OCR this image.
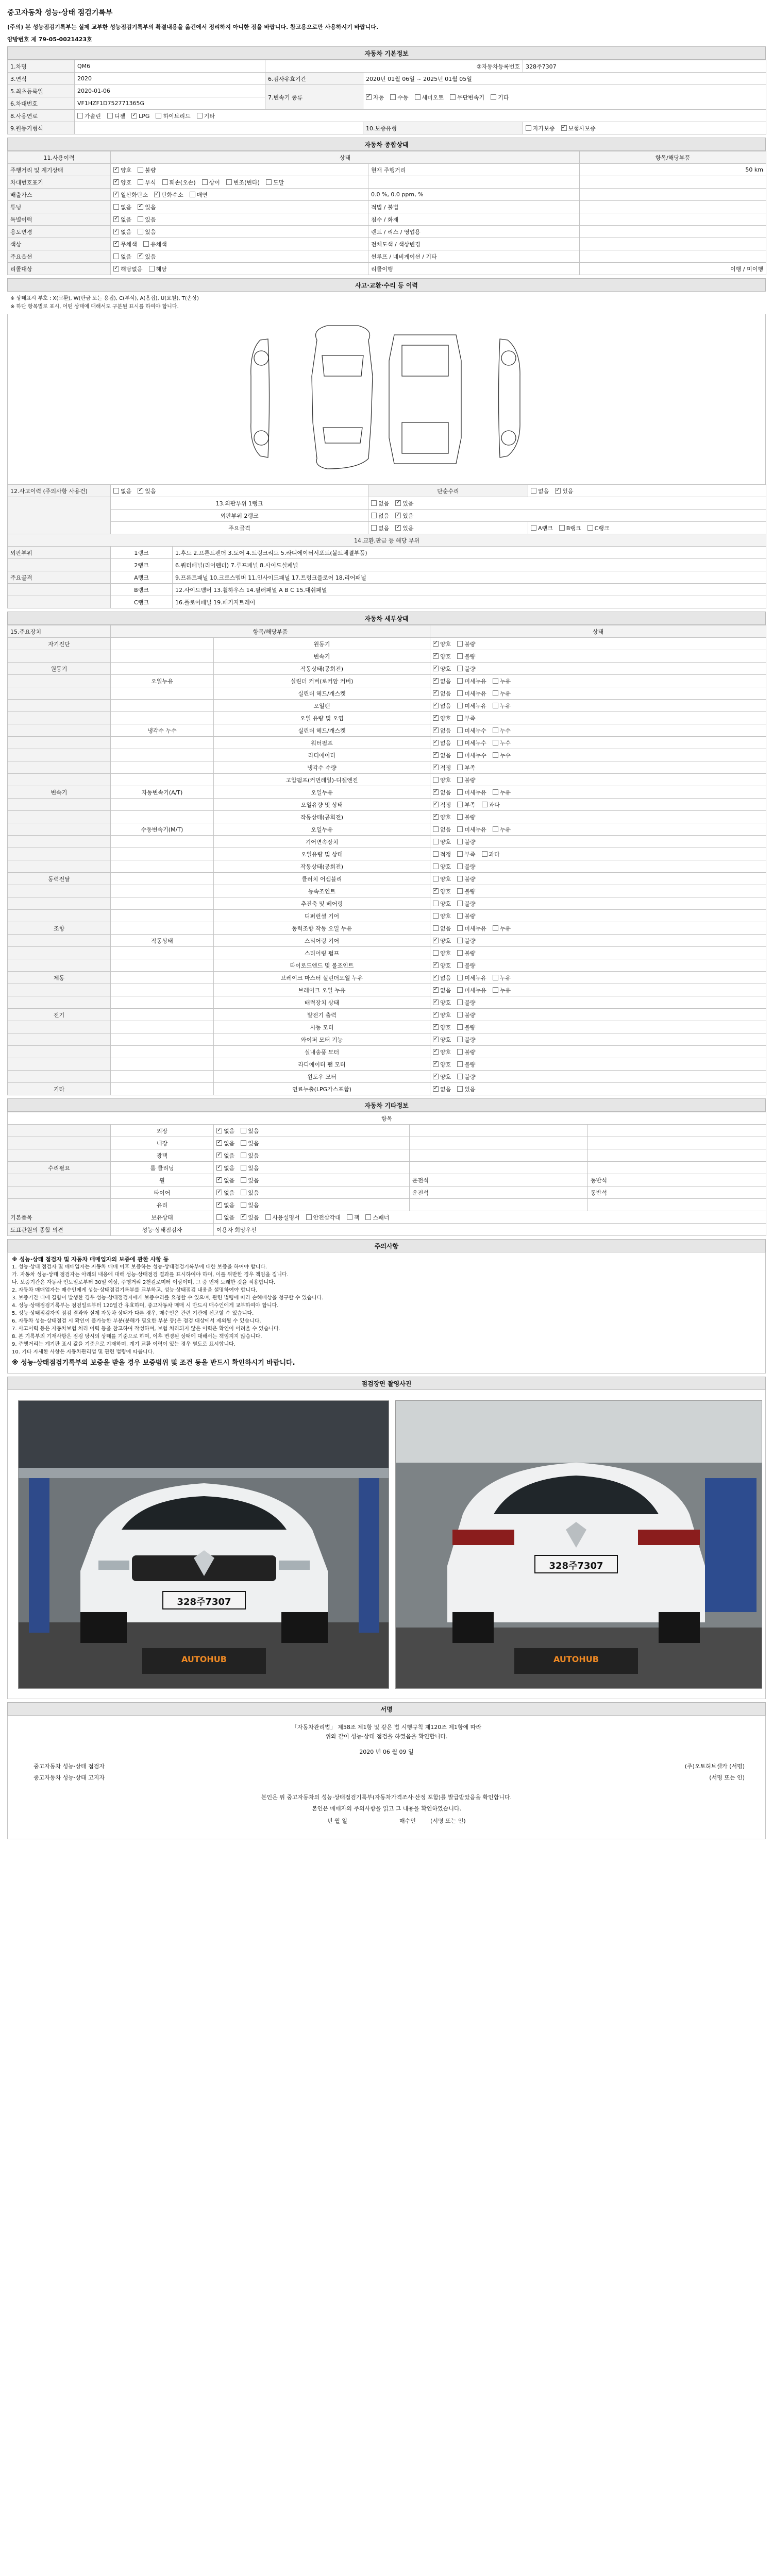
중고자동차 성능·상태 점검기록부
(주의) 본 성능점검기록부는 실제 교부한 성능점검기록부의 확결내용을 옮긴에서 정리하지 아니한 점을 바랍니다. 참고용으로만 사용하시기 바랍니다.
양방번호 제 79-05-0021423호
자동차 기본정보
1.차명	QM6	②자동차등록번호		328주7307
3.연식	2020	6.검사유효기간	2020년 01월 06일 ~ 2025년 01월 05일	
5.최초등록일	2020-01-06	7.변속기 종류	✓자동 수동 세미오토 무단변속기 기타
6.차대번호	VF1HZF1D752771365G			
8.사용연료	가솔린 디젤 ✓ LPG 하이브리드 기타
9.원동기형식			10.보증유형	자가보증 ✓ 보험사보증
자동차 종합상태
11.사용이력	상태		항목/해당부품
주행거리 및 계기상태	✓양호 불량	현재 주행거리	50 km
차대번호표기	✓양호 부식 훼손(오손) 상이 변조(변타) 도말		
배출가스	✓일산화탄소 ✓ 탄화수소 매연	0.0 %, 0.0 ppm, %	
튜닝	없음 ✓ 있음	적법 / 불법	
특별이력	✓없음 있음	침수 / 화재	
용도변경	✓없음 있음	렌트 / 리스 / 영업용	
색상	✓무채색 유채색	전체도색 / 색상변경	
주요옵션	없음 ✓ 있음	썬루프 / 네비게이션 / 기타	
리콜대상	✓해당없음 해당	리콜이행	이행 / 미이행
사고·교환·수리 등 이력
※ 상태표시 부호 : X(교환), W(판금 또는 용접), C(부식), A(흠집), U(요철), T(손상)
※ 하단 항목별로 표시, 어떤 상태에 대해서도 구분된 표시를 하여야 합니다.
12.사고이력 (주의사항 사용건)	없음 ✓ 있음		단순수리	없음 ✓ 있음
	13.외판부위 1랭크		없음 ✓ 있음
	외판부위 2랭크		없음 ✓ 있음
	주요골격		없음 ✓ 있음	A랭크 B랭크 C랭크
14.교환,판금 등 해당 부위				
외판부위	1랭크	1.후드 2.프론트펜더 3.도어 4.트렁크리드 5.라디에이터서포트(볼트체결부품)		
	2랭크	6.쿼터패널(리어펜더) 7.루프패널 8.사이드실패널		
주요골격	A랭크	9.프론트패널 10.크로스멤버 11.인사이드패널 17.트렁크플로어 18.리어패널		
	B랭크	12.사이드멤버 13.휠하우스 14.필러패널 A B C 15.대쉬패널		
	C랭크	16.플로어패널 19.패키지트레이		
자동차 세부상태
15.주요장치	항목/해당부품		상태
자기진단		원동기	✓양호 불량
		변속기	✓양호 불량
원동기		작동상태(공회전)	✓양호 불량
	오일누유	실린더 커버(로커암 커버)	✓없음 미세누유 누유
		실린더 헤드/개스켓	✓없음 미세누유 누유
		오일팬	✓없음 미세누유 누유
		오일 유량 및 오염	✓양호 부족
	냉각수 누수	실린더 헤드/개스켓	✓없음 미세누수 누수
		워터펌프	✓없음 미세누수 누수
		라디에이터	✓없음 미세누수 누수
		냉각수 수량	✓적정 부족
		고압펌프(커먼레일)-디젤엔진	양호 불량
변속기	자동변속기(A/T)	오일누유	✓없음 미세누유 누유
		오일유량 및 상태	✓적정 부족 과다
		작동상태(공회전)	✓양호 불량
	수동변속기(M/T)	오일누유	없음 미세누유 누유
		기어변속장치	양호 불량
		오일유량 및 상태	적정 부족 과다
		작동상태(공회전)	양호 불량
동력전달		클러치 어셈블리	양호 불량
		등속조인트	✓양호 불량
		추진축 및 베어링	양호 불량
		디퍼런셜 기어	양호 불량
조향		동력조향 작동 오일 누유	없음 미세누유 누유
	작동상태	스티어링 기어	✓양호 불량
		스티어링 펌프	양호 불량
		타이로드엔드 및 볼조인트	✓양호 불량
제동		브레이크 마스터 실린더오일 누유	✓없음 미세누유 누유
		브레이크 오일 누유	✓없음 미세누유 누유
		배력장치 상태	✓양호 불량
전기		발전기 출력	✓양호 불량
		시동 모터	✓양호 불량
		와이퍼 모터 기능	✓양호 불량
		실내송풍 모터	✓양호 불량
		라디에이터 팬 모터	✓양호 불량
		윈도우 모터	✓양호 불량
기타		연료누출(LPG가스포함)	✓없음 있음
자동차 기타정보
항목				
	외장	✓없음 있음		
	내장	✓없음 있음		
	광택	✓없음 있음		
수리필요	룸 클리닝	✓없음 있음		
	휠	✓없음 있음	운전석	동반석
	타이어	✓없음 있음	운전석	동반석
	유리	✓없음 있음		
기본품목	보유상태	없음 ✓ 있음 사용설명서 안전삼각대 잭 스패너
도표관원의 종합 의견	성능·상태점검자	이용자 희망우선		
주의사항
※ 성능·상태 점검자 및 자동차 매매업자의 보증에 관한 사항 등
1. 성능·상태 점검자 및 매매업자는 자동차 매매 이후 보증하는 성능·상태점검기록부에 대한 보증을 하여야 합니다.
가. 자동차 성능·상태 점검자는 아래의 내용에 대해 성능·상태점검 결과를 표시하여야 하며, 이를 위반한 경우 책임을 집니다.
나. 보증기간은 자동차 인도일로부터 30일 이상, 주행거리 2천킬로미터 이상이며, 그 중 먼저 도래한 것을 적용합니다.
2. 자동차 매매업자는 매수인에게 성능·상태점검기록부를 교부하고, 성능·상태점검 내용을 설명하여야 합니다.
3. 보증기간 내에 결함이 발생한 경우 성능·상태점검자에게 보증수리를 요청할 수 있으며, 관련 법령에 따라 손해배상을 청구할 수 있습니다.
4. 성능·상태점검기록부는 점검일로부터 120일간 유효하며, 중고자동차 매매 시 반드시 매수인에게 교부하여야 합니다.
5. 성능·상태점검자의 점검 결과와 실제 자동차 상태가 다른 경우, 매수인은 관련 기관에 신고할 수 있습니다.
6. 자동차 성능·상태점검 시 확인이 불가능한 부분(분해가 필요한 부분 등)은 점검 대상에서 제외될 수 있습니다.
7. 사고이력 등은 자동차보험 처리 이력 등을 참고하여 작성하며, 보험 처리되지 않은 이력은 확인이 어려울 수 있습니다.
8. 본 기록부의 기재사항은 점검 당시의 상태를 기준으로 하며, 이후 변경된 상태에 대해서는 책임지지 않습니다.
9. 주행거리는 계기판 표시 값을 기준으로 기재하며, 계기 교환 이력이 있는 경우 별도로 표시합니다.
10. 기타 자세한 사항은 자동차관리법 및 관련 법령에 따릅니다.
※ 성능·상태점검기록부의 보증을 받을 경우 보증범위 및 조건 등을 반드시 확인하시기 바랍니다.
점검장면 촬영사진
328주7307
AUTOHUB
328주7307
AUTOHUB
서명
「자동차관리법」 제58조 제1항 및 같은 법 시행규칙 제120조 제1항에 따라
위와 같이 성능·상태 점검을 하였음을 확인합니다.
2020 년 06 월 09 일
중고자동차 성능·상태 점검자	(주)오토허브셀카 (서명)
중고자동차 성능·상태 고지자	(서명 또는 인)
본인은 위 중고자동차의 성능·상태점검기록부(자동차가격조사·산정 포함)를 발급받았음을 확인합니다.
본인은 매매자의 주의사항을 읽고 그 내용을 확인하였습니다.
년 월 일	매수인	(서명 또는 인)
